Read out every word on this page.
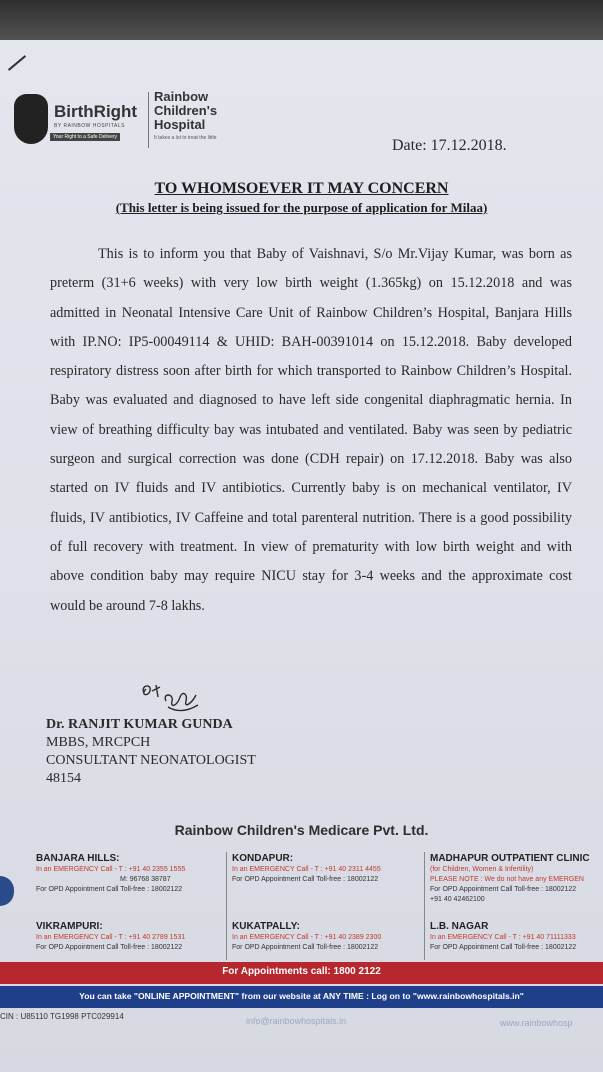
BirthRight
BY RAINBOW HOSPITALS
Your Right to a Safe Delivery
Rainbow
Children's
Hospital
It takes a lot to treat the little	Date: 17.12.2018.
TO WHOMSOEVER IT MAY CONCERN
(This letter is being issued for the purpose of application for Milaa)

This is to inform you that Baby of Vaishnavi, S/o Mr.Vijay Kumar, was born as preterm (31+6 weeks) with very low birth weight (1.365kg) on 15.12.2018 and was admitted in Neonatal Intensive Care Unit of Rainbow Children’s Hospital, Banjara Hills with IP.NO: IP5-00049114 & UHID: BAH-00391014 on 15.12.2018. Baby developed respiratory distress soon after birth for which transported to Rainbow Children’s Hospital. Baby was evaluated and diagnosed to have left side congenital diaphragmatic hernia. In view of breathing difficulty bay was intubated and ventilated. Baby was seen by pediatric surgeon and surgical correction was done (CDH repair) on 17.12.2018. Baby was also started on IV fluids and IV antibiotics. Currently baby is on mechanical ventilator, IV fluids, IV antibiotics, IV Caffeine and total parenteral nutrition. There is a good possibility of full recovery with treatment. In view of prematurity with low birth weight and with above condition baby may require NICU stay for 3-4 weeks and the approximate cost would be around 7-8 lakhs.

Dr. RANJIT KUMAR GUNDA
MBBS, MRCPCH
CONSULTANT NEONATOLOGIST
48154
Rainbow Children's Medicare Pvt. Ltd.
BANJARA HILLS:
In an EMERGENCY Call - T : +91 40 2355 1555
M: 96768 38787
For OPD Appointment Call Toll-free : 18002122
KONDAPUR:
In an EMERGENCY Call - T : +91 40 2311 4455
For OPD Appointment Call Toll-free : 18002122
MADHAPUR OUTPATIENT CLINIC
(for Children, Women & Infertility)
PLEASE NOTE : We do not have any EMERGEN
For OPD Appointment Call Toll-free : 18002122
+91 40 42462100
VIKRAMPURI:
In an EMERGENCY Call - T : +91 40 2789 1531
For OPD Appointment Call Toll-free : 18002122
KUKATPALLY:
In an EMERGENCY Call - T : +91 40 2389 2300
For OPD Appointment Call Toll-free : 18002122
L.B. NAGAR
In an EMERGENCY Call - T : +91 40 71111333
For OPD Appointment Call Toll-free : 18002122
For Appointments call: 1800 2122
You can take "ONLINE APPOINTMENT" from our website at ANY TIME : Log on to "www.rainbowhospitals.in"
CIN : U85110 TG1998 PTC029914	info@rainbowhospitals.in	www.rainbowhosp
